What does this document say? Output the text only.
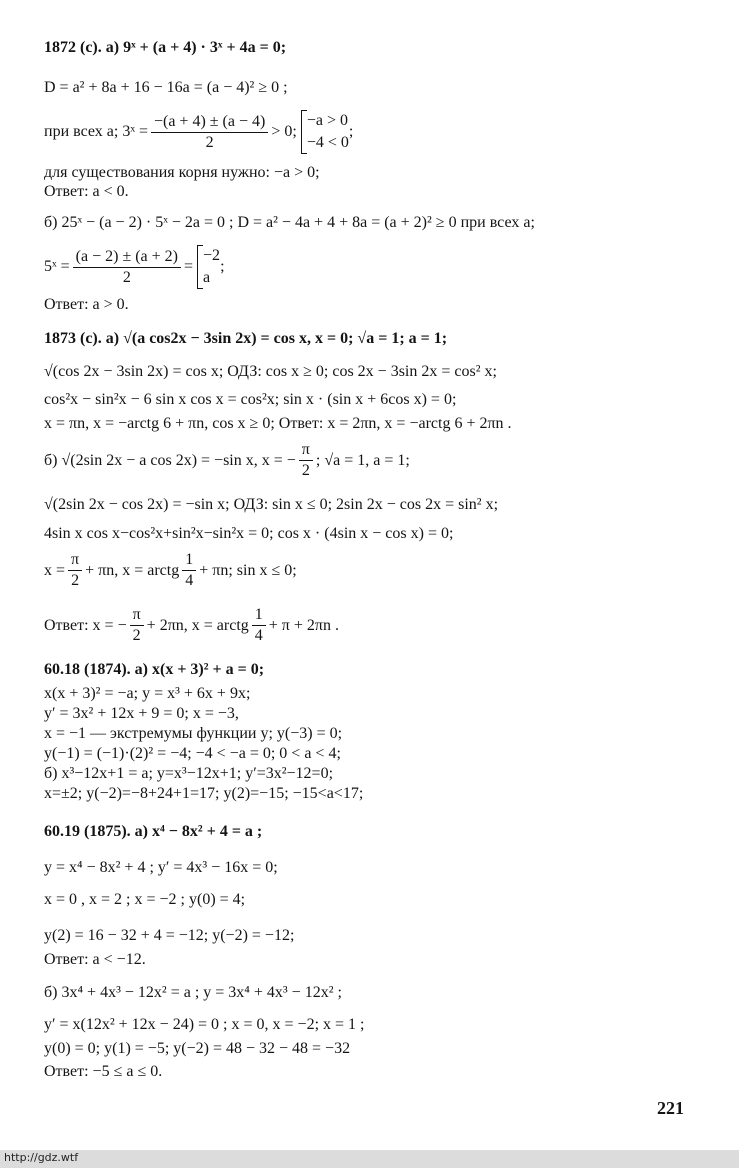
1872 (с). а) 9ˣ + (a + 4) · 3ˣ + 4a = 0;
D = a² + 8a + 16 − 16a = (a − 4)² ≥ 0 ;
при всех a; 3ˣ = $\frac{-(a + 4) \pm (a - 4)}{2} > 0$;
−a > 0
−4 < 0
;
для существования корня нужно: −a > 0;
Ответ: a < 0.
б) 25ˣ − (a − 2) · 5ˣ − 2a = 0 ; D = a² − 4a + 4 + 8a = (a + 2)² ≥ 0 при всех a;
5ˣ = $\frac{(a - 2) \pm (a + 2)}{2}$ =
−2
a
;
Ответ: a > 0.
1873 (с). а) √(a cos2x − 3sin 2x) = cos x, x = 0; √a = 1; a = 1;
√(cos 2x − 3sin 2x) = cos x; ОДЗ: cos x ≥ 0; cos 2x − 3sin 2x = cos² x;
cos²x − sin²x − 6 sin x cos x = cos²x; sin x · (sin x + 6cos x) = 0;
x = πn, x = −arctg 6 + πn, cos x ≥ 0; Ответ: x = 2πn, x = −arctg 6 + 2πn .
б) √(2sin 2x − a cos 2x) = −sin x, x = − $\frac{\pi}{2}$ ; √a = 1, a = 1;
√(2sin 2x − cos 2x) = −sin x; ОДЗ: sin x ≤ 0; 2sin 2x − cos 2x = sin² x;
4sin x cos x−cos²x+sin²x−sin²x = 0; cos x · (4sin x − cos x) = 0;
$x = \frac{\pi}{2} + \pi n$, x = arctg $\frac{1}{4} + \pi n$; sin x ≤ 0;
Ответ: x = − $\frac{\pi}{2} + 2\pi n$, x = arctg $\frac{1}{4} + \pi + 2\pi n$ .
60.18 (1874). а) x(x + 3)² + a = 0;
x(x + 3)² = −a; y = x³ + 6x + 9x;
y′ = 3x² + 12x + 9 = 0; x = −3,
x = −1 — экстремумы функции y; y(−3) = 0;
y(−1) = (−1)·(2)² = −4; −4 < −a = 0; 0 < a < 4;
б) x³−12x+1 = a; y=x³−12x+1; y′=3x²−12=0;
x=±2; y(−2)=−8+24+1=17; y(2)=−15; −15<a<17;
60.19 (1875). а) x⁴ − 8x² + 4 = a ;
y = x⁴ − 8x² + 4 ; y′ = 4x³ − 16x = 0;
x = 0 , x = 2 ; x = −2 ; y(0) = 4;
y(2) = 16 − 32 + 4 = −12; y(−2) = −12;
Ответ: a < −12.
б) 3x⁴ + 4x³ − 12x² = a ; y = 3x⁴ + 4x³ − 12x² ;
y′ = x(12x² + 12x − 24) = 0 ; x = 0, x = −2; x = 1 ;
y(0) = 0; y(1) = −5; y(−2) = 48 − 32 − 48 = −32
Ответ: −5 ≤ a ≤ 0.
221
http://gdz.wtf
